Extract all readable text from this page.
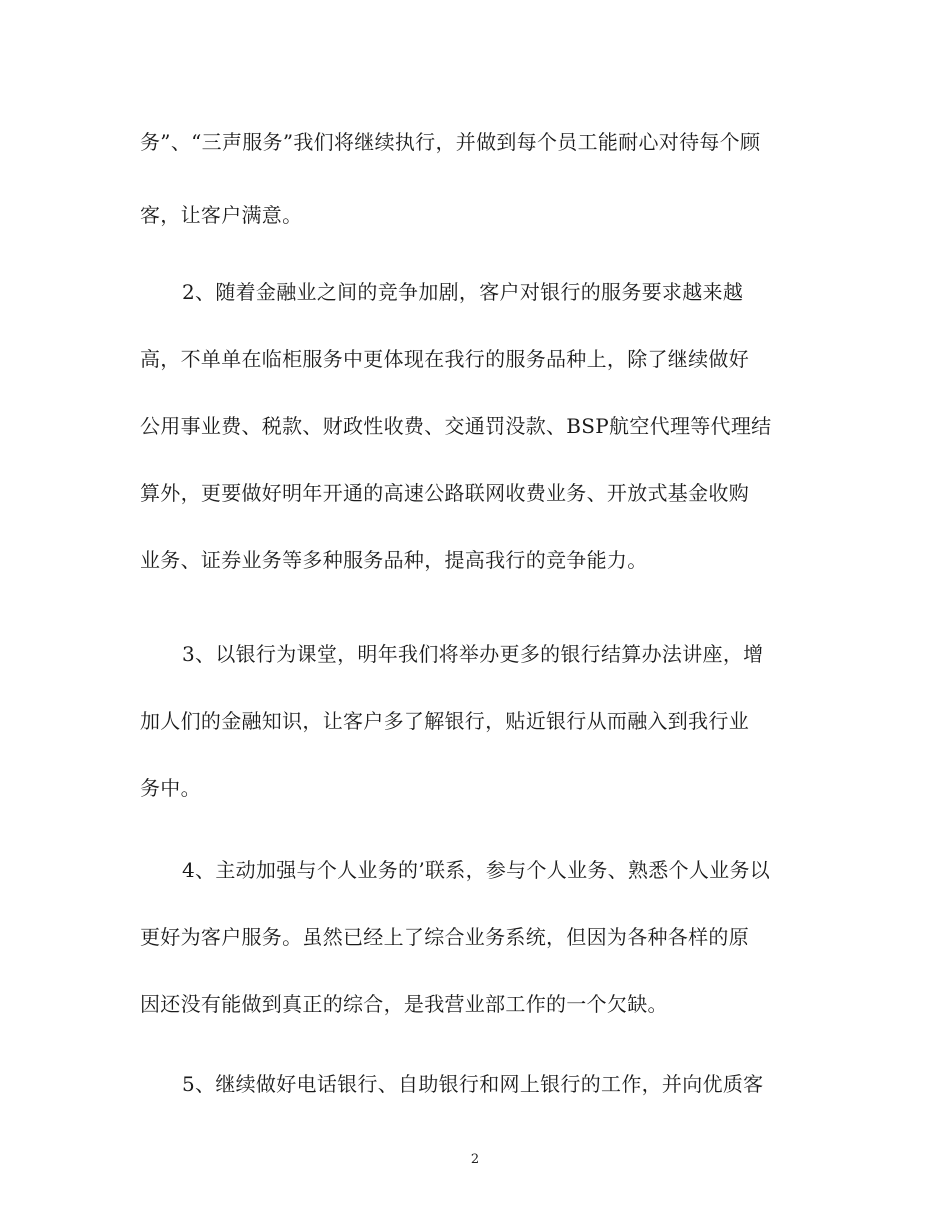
务”、“三声服务”我们将继续执行，并做到每个员工能耐心对待每个顾
客，让客户满意。
2、随着金融业之间的竞争加剧，客户对银行的服务要求越来越
高，不单单在临柜服务中更体现在我行的服务品种上，除了继续做好
公用事业费、税款、财政性收费、交通罚没款、BSP航空代理等代理结
算外，更要做好明年开通的高速公路联网收费业务、开放式基金收购
业务、证券业务等多种服务品种，提高我行的竞争能力。
3、以银行为课堂，明年我们将举办更多的银行结算办法讲座，增
加人们的金融知识，让客户多了解银行，贴近银行从而融入到我行业
务中。
4、主动加强与个人业务的’联系，参与个人业务、熟悉个人业务以
更好为客户服务。虽然已经上了综合业务系统，但因为各种各样的原
因还没有能做到真正的综合，是我营业部工作的一个欠缺。
5、继续做好电话银行、自助银行和网上银行的工作，并向优质客
2
